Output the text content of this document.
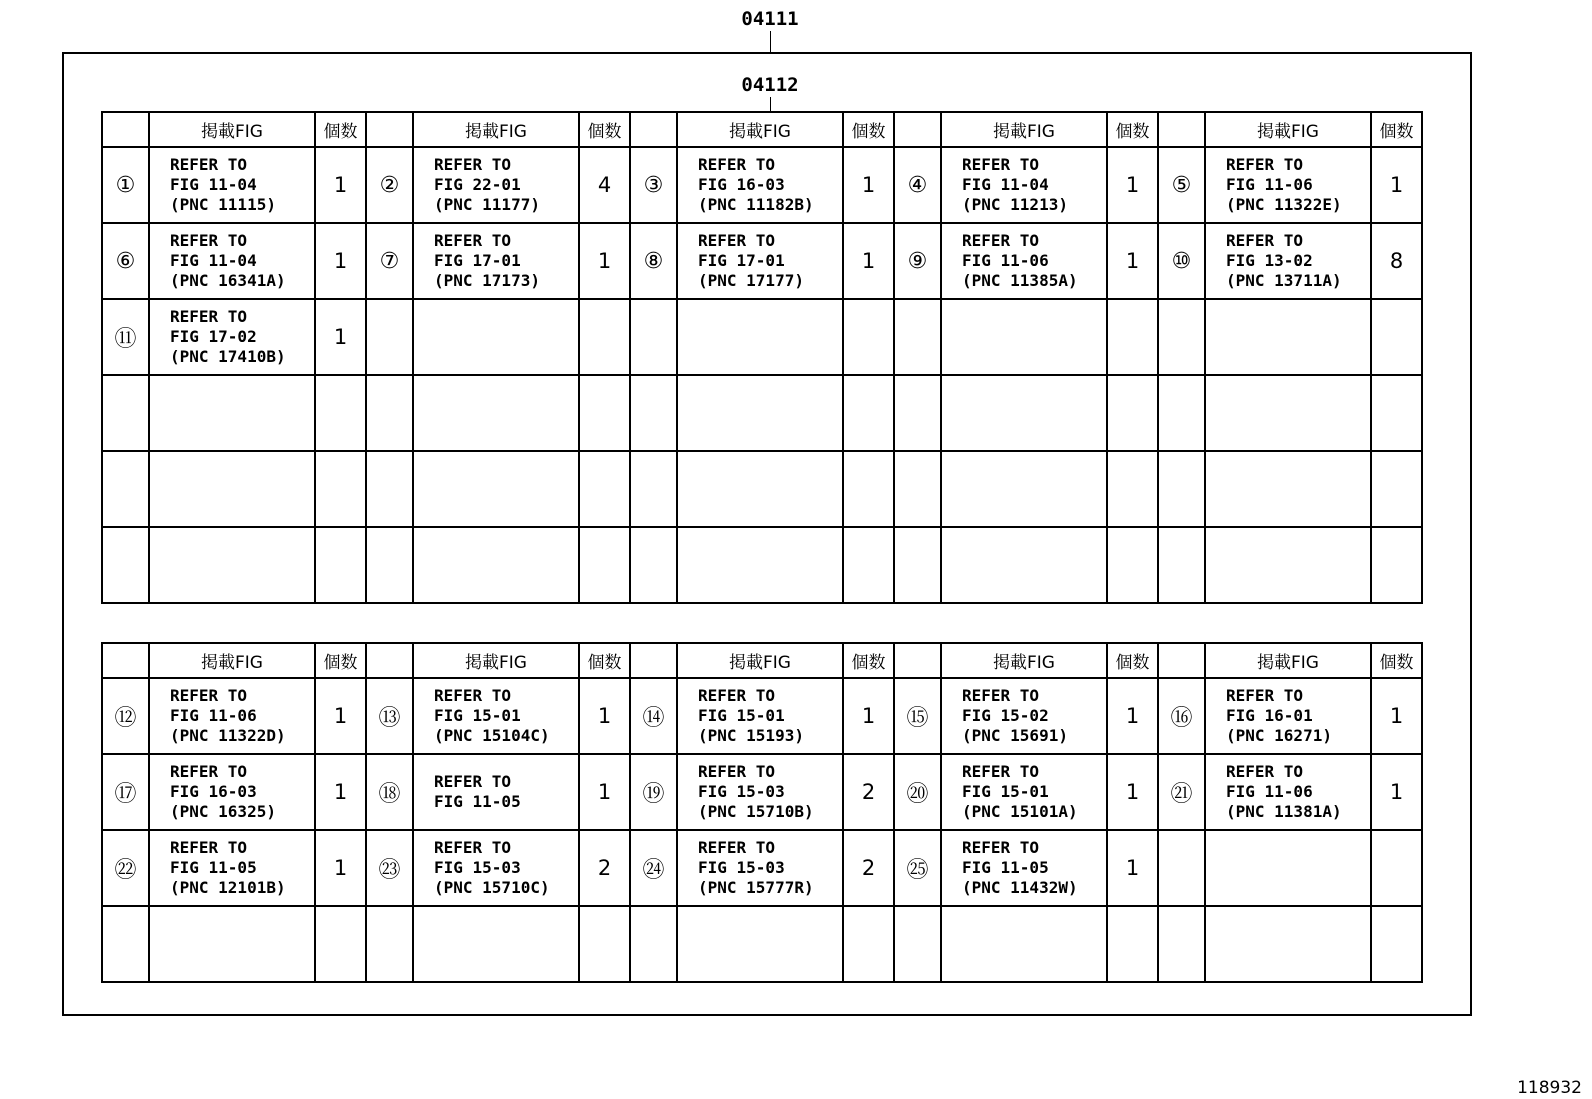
04111
04112
	掲載FIG	個数		掲載FIG	個数		掲載FIG	個数		掲載FIG	個数		掲載FIG	個数
①	REFER TO
FIG 11-04
(PNC 11115)	1	②	REFER TO
FIG 22-01
(PNC 11177)	4	③	REFER TO
FIG 16-03
(PNC 11182B)	1	④	REFER TO
FIG 11-04
(PNC 11213)	1	⑤	REFER TO
FIG 11-06
(PNC 11322E)	1
⑥	REFER TO
FIG 11-04
(PNC 16341A)	1	⑦	REFER TO
FIG 17-01
(PNC 17173)	1	⑧	REFER TO
FIG 17-01
(PNC 17177)	1	⑨	REFER TO
FIG 11-06
(PNC 11385A)	1	⑩	REFER TO
FIG 13-02
(PNC 13711A)	8
⑪	REFER TO
FIG 17-02
(PNC 17410B)	1												

	掲載FIG	個数		掲載FIG	個数		掲載FIG	個数		掲載FIG	個数		掲載FIG	個数
⑫	REFER TO
FIG 11-06
(PNC 11322D)	1	⑬	REFER TO
FIG 15-01
(PNC 15104C)	1	⑭	REFER TO
FIG 15-01
(PNC 15193)	1	⑮	REFER TO
FIG 15-02
(PNC 15691)	1	⑯	REFER TO
FIG 16-01
(PNC 16271)	1
⑰	REFER TO
FIG 16-03
(PNC 16325)	1	⑱	REFER TO
FIG 11-05	1	⑲	REFER TO
FIG 15-03
(PNC 15710B)	2	⑳	REFER TO
FIG 15-01
(PNC 15101A)	1	㉑	REFER TO
FIG 11-06
(PNC 11381A)	1
㉒	REFER TO
FIG 11-05
(PNC 12101B)	1	㉓	REFER TO
FIG 15-03
(PNC 15710C)	2	㉔	REFER TO
FIG 15-03
(PNC 15777R)	2	㉕	REFER TO
FIG 11-05
(PNC 11432W)	1			

118932
